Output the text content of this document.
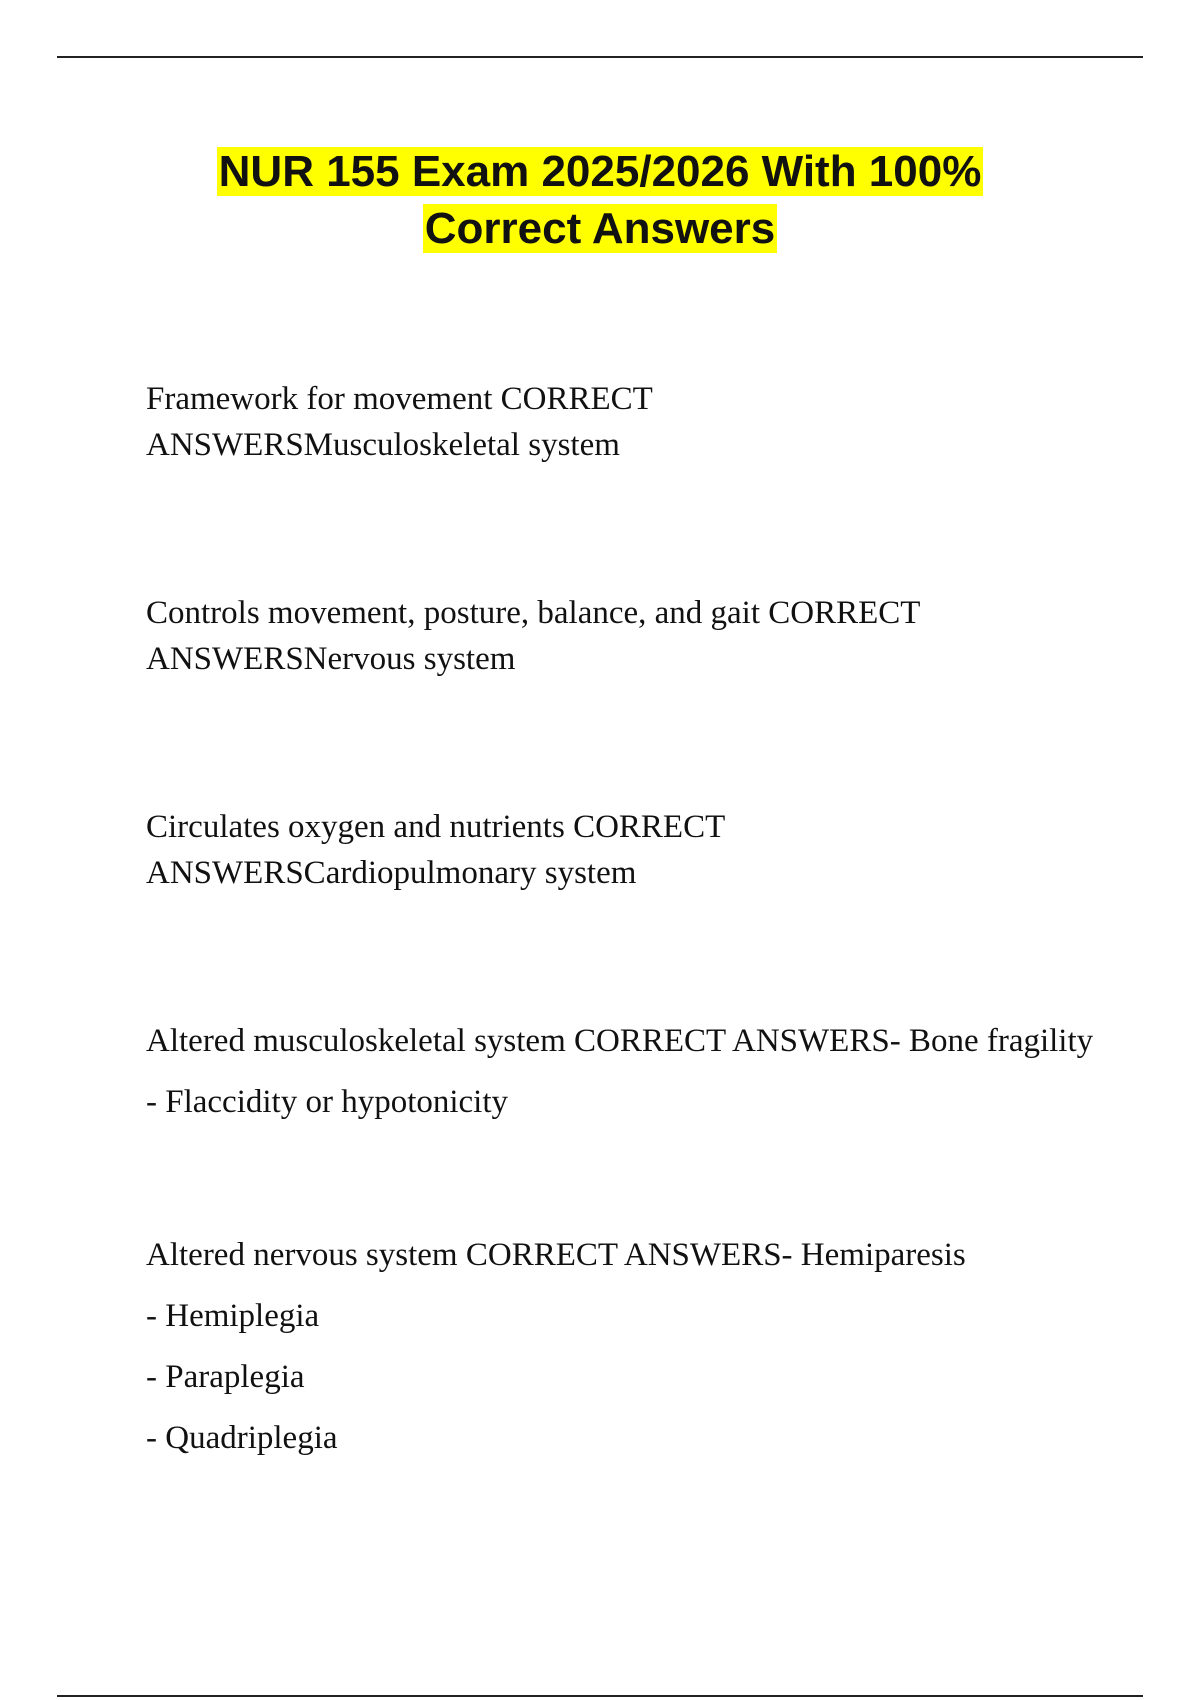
NUR 155 Exam 2025/2026 With 100%
Correct Answers

Framework for movement CORRECT ANSWERSMusculoskeletal system

Controls movement, posture, balance, and gait CORRECT ANSWERSNervous system

Circulates oxygen and nutrients CORRECT ANSWERSCardiopulmonary system

Altered musculoskeletal system CORRECT ANSWERS- Bone fragility

- Flaccidity or hypotonicity

Altered nervous system CORRECT ANSWERS- Hemiparesis

- Hemiplegia

- Paraplegia

- Quadriplegia
